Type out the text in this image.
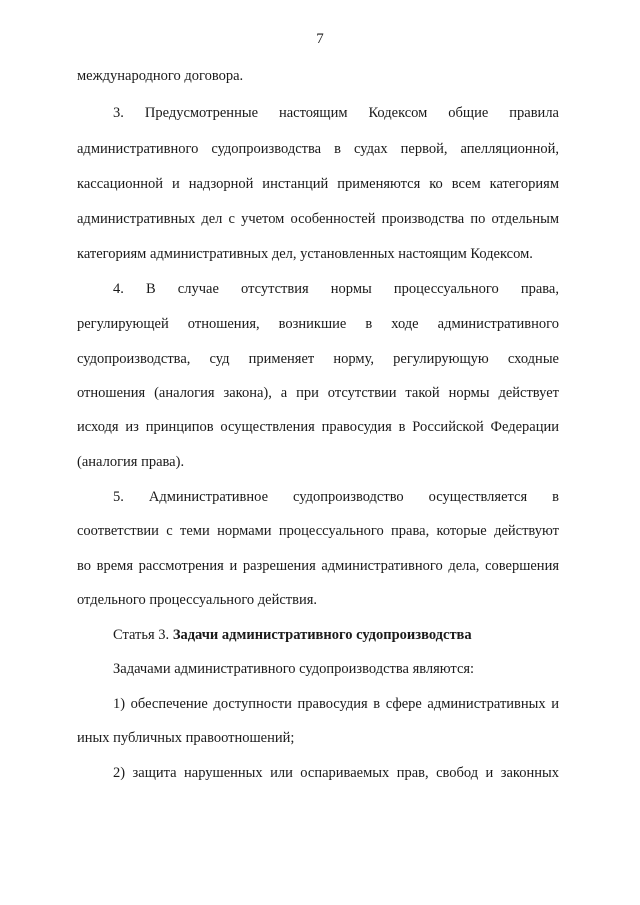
7
международного договора.
3. Предусмотренные настоящим Кодексом общие правила
административного судопроизводства в судах первой, апелляционной,
кассационной и надзорной инстанций применяются ко всем категориям
административных дел с учетом особенностей производства по отдельным
категориям административных дел, установленных настоящим Кодексом.
4. В случае отсутствия нормы процессуального права,
регулирующей отношения, возникшие в ходе административного
судопроизводства, суд применяет норму, регулирующую сходные
отношения (аналогия закона), а при отсутствии такой нормы действует
исходя из принципов осуществления правосудия в Российской Федерации
(аналогия права).
5. Административное судопроизводство осуществляется в
соответствии с теми нормами процессуального права, которые действуют
во время рассмотрения и разрешения административного дела, совершения
отдельного процессуального действия.
Статья 3. Задачи административного судопроизводства
Задачами административного судопроизводства являются:
1) обеспечение доступности правосудия в сфере административных и
иных публичных правоотношений;
2) защита нарушенных или оспариваемых прав, свобод и законных
